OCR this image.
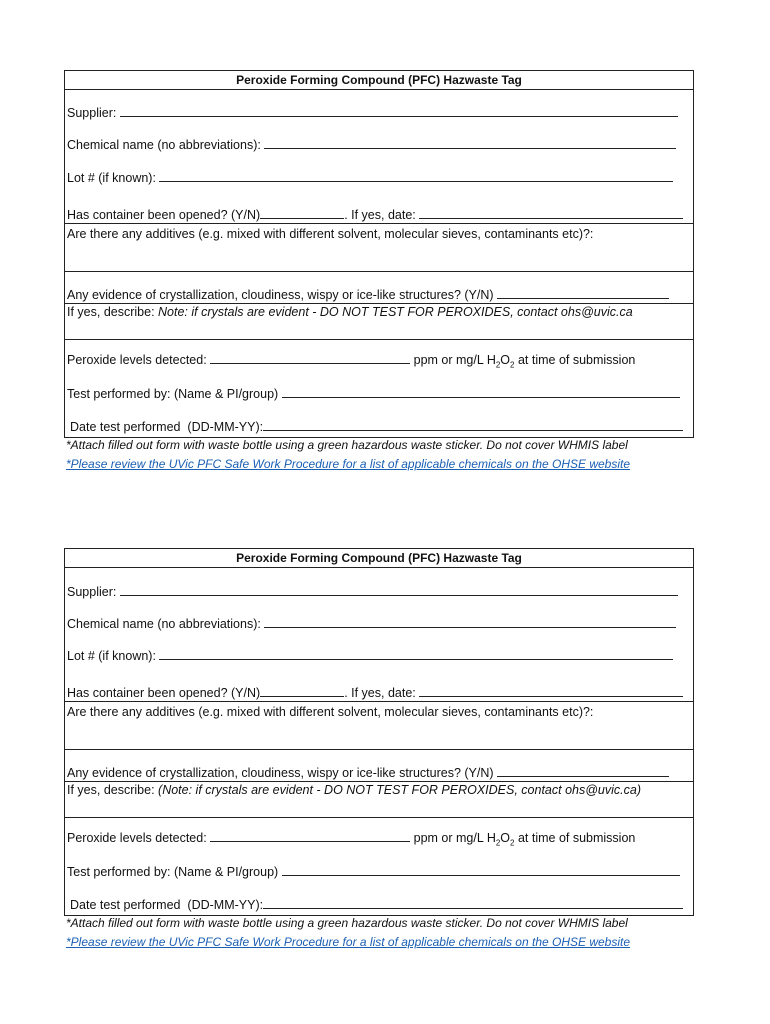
Peroxide Forming Compound (PFC) Hazwaste Tag
Supplier:
Chemical name (no abbreviations):
Lot # (if known):
Has container been opened? (Y/N)	. If yes, date:
Are there any additives (e.g. mixed with different solvent, molecular sieves, contaminants etc)?:
Any evidence of crystallization, cloudiness, wispy or ice-like structures? (Y/N)
If yes, describe: Note: if crystals are evident - DO NOT TEST FOR PEROXIDES, contact ohs@uvic.ca
Peroxide levels detected:	ppm or mg/L $H_2O_2$ at time of submission
Test performed by: (Name & PI/group)
Date test performed  (DD-MM-YY):
*Attach filled out form with waste bottle using a green hazardous waste sticker. Do not cover WHMIS label
*Please review the UVic PFC Safe Work Procedure for a list of applicable chemicals on the OHSE website
Peroxide Forming Compound (PFC) Hazwaste Tag
Supplier:
Chemical name (no abbreviations):
Lot # (if known):
Has container been opened? (Y/N)	. If yes, date:
Are there any additives (e.g. mixed with different solvent, molecular sieves, contaminants etc)?:
Any evidence of crystallization, cloudiness, wispy or ice-like structures? (Y/N)
If yes, describe: (Note: if crystals are evident - DO NOT TEST FOR PEROXIDES, contact ohs@uvic.ca)
Peroxide levels detected:	ppm or mg/L $H_2O_2$ at time of submission
Test performed by: (Name & PI/group)
Date test performed  (DD-MM-YY):
*Attach filled out form with waste bottle using a green hazardous waste sticker. Do not cover WHMIS label
*Please review the UVic PFC Safe Work Procedure for a list of applicable chemicals on the OHSE website
